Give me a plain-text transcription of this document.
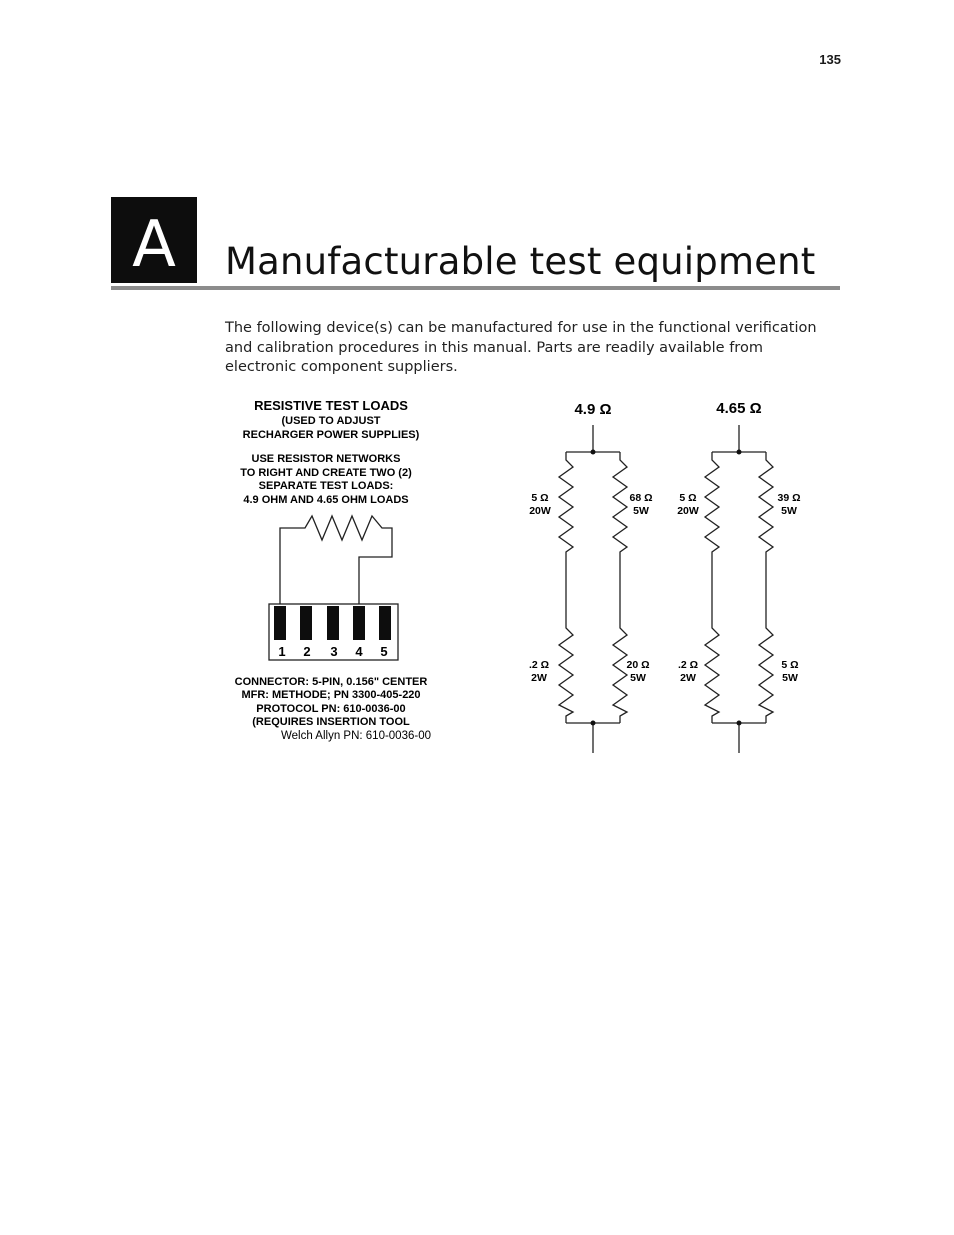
135
A	Manufacturable test equipment

The following device(s) can be manufactured for use in the functional verification and calibration procedures in this manual. Parts are readily available from electronic component suppliers.

RESISTIVE TEST LOADS
(USED TO ADJUST
RECHARGER POWER SUPPLIES)
USE RESISTOR NETWORKS
TO RIGHT AND CREATE TWO (2)
SEPARATE TEST LOADS:
4.9 OHM AND 4.65 OHM LOADS
1 2 3 4 5
CONNECTOR: 5-PIN, 0.156" CENTER
MFR: METHODE; PN 3300-405-220
PROTOCOL PN: 610-0036-00
(REQUIRES INSERTION TOOL
Welch Allyn PN: 610-0036-00
4.9 Ω
5 Ω
20W
68 Ω
5W
.2 Ω
2W
20 Ω
5W
4.65 Ω
5 Ω
20W
39 Ω
5W
.2 Ω
2W
5 Ω
5W
